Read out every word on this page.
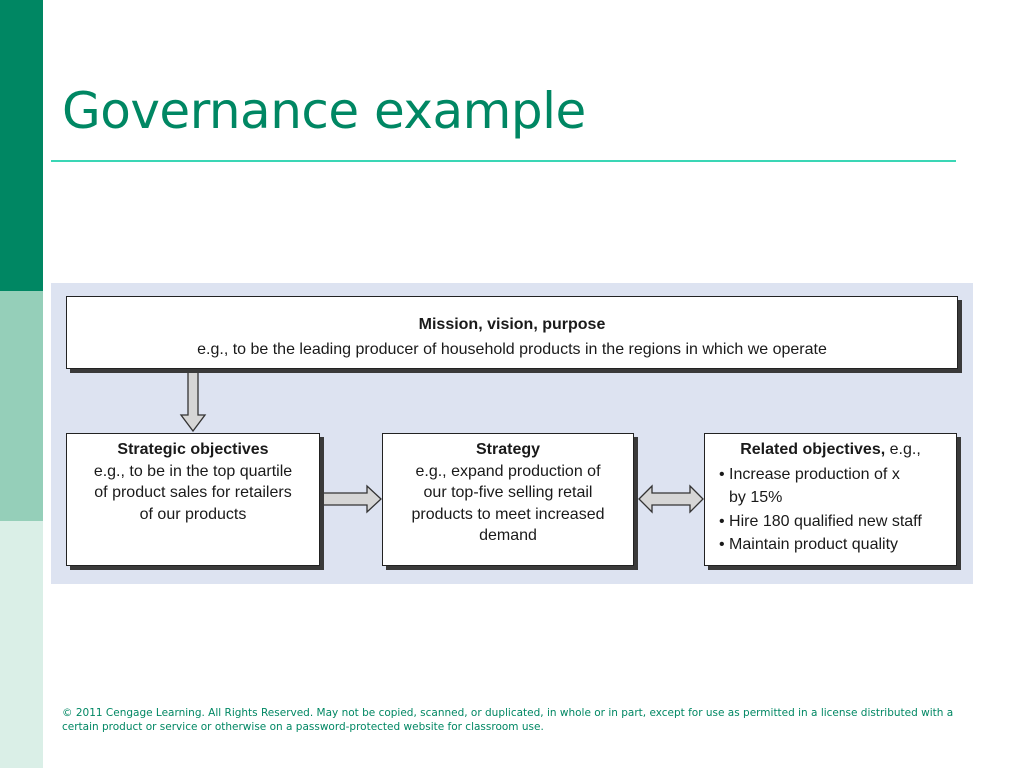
Governance example
Mission, vision, purpose
e.g., to be the leading producer of household products in the regions in which we operate
Strategic objectives
e.g., to be in the top quartile
of product sales for retailers
of our products
Strategy
e.g., expand production of
our top-five selling retail
products to meet increased
demand
Related objectives, e.g.,
• Increase production of x
by 15%
• Hire 180 qualified new staff
• Maintain product quality
© 2011 Cengage Learning. All Rights Reserved. May not be copied, scanned, or duplicated, in whole or in part, except for use as permitted in a license distributed with a certain product or service or otherwise on a password-protected website for classroom use.
